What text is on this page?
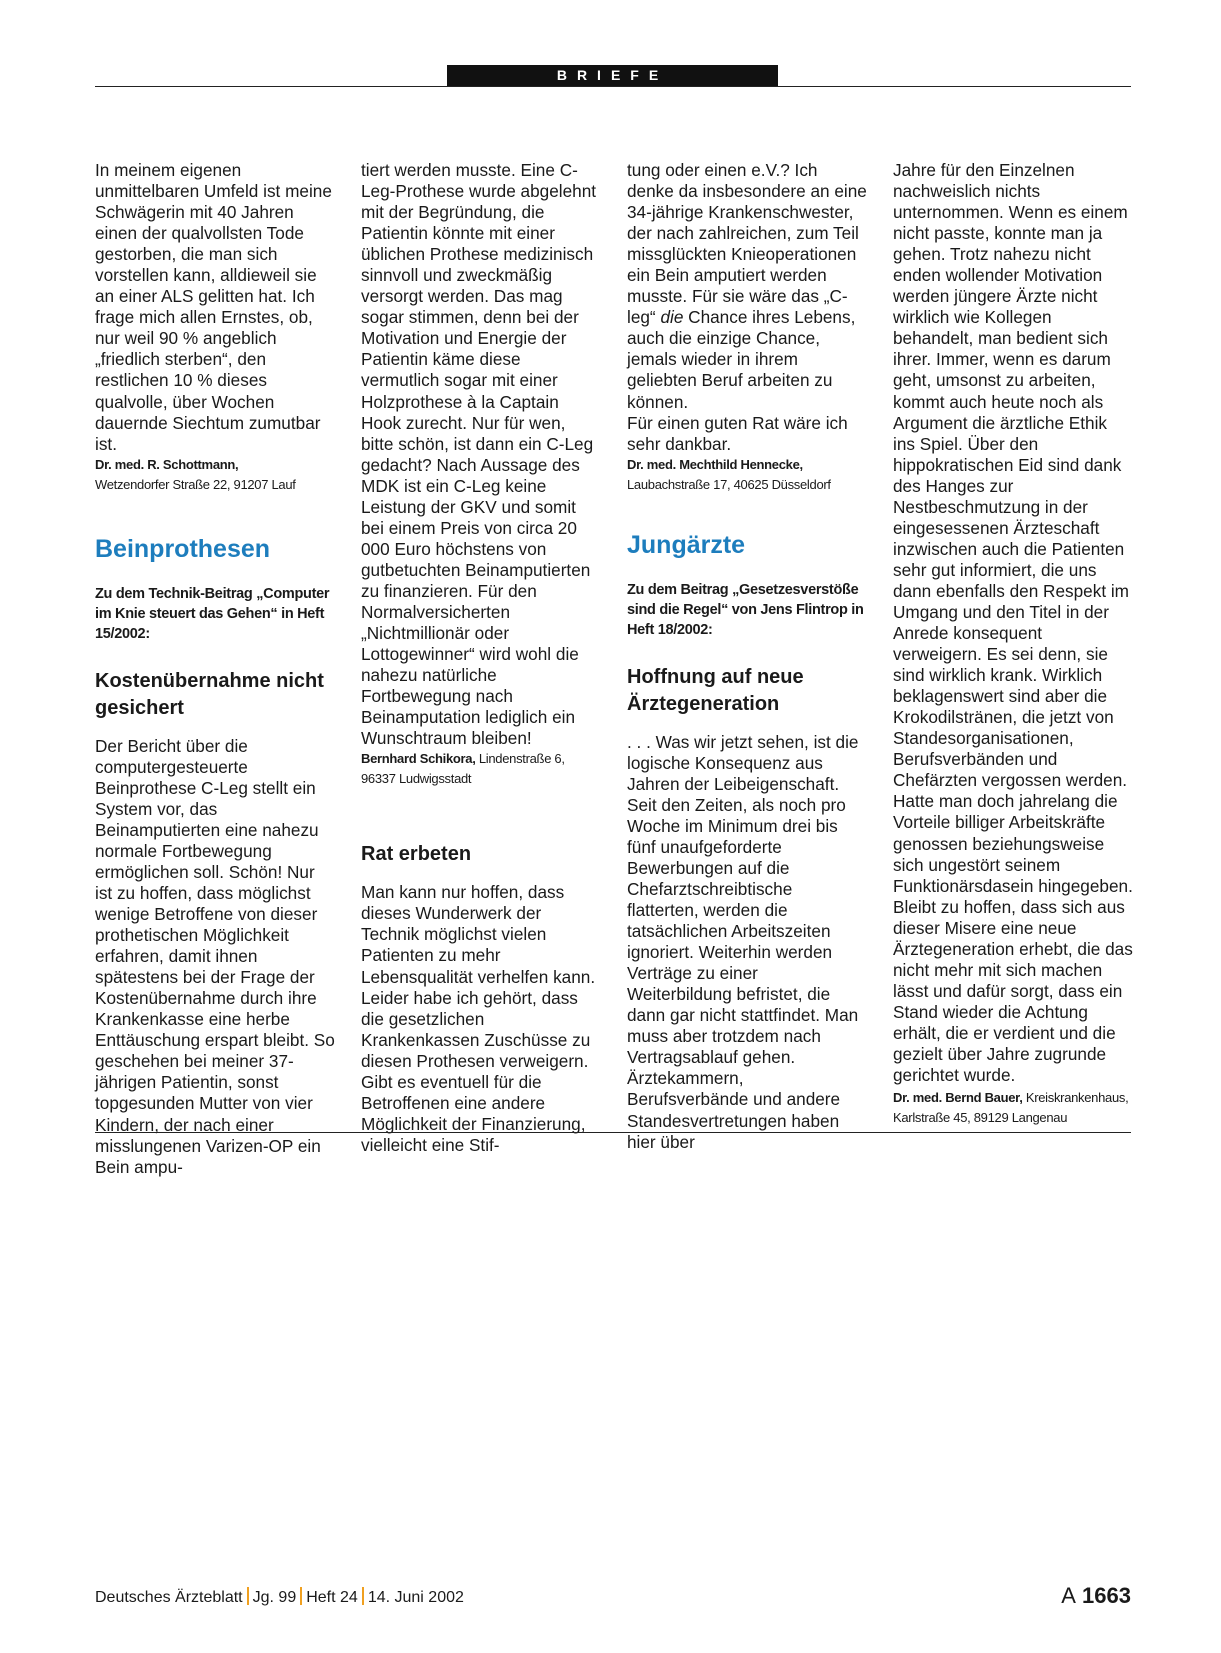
BRIEFE

In meinem eigenen unmittelbaren Umfeld ist meine Schwägerin mit 40 Jahren einen der qualvollsten Tode gestorben, die man sich vorstellen kann, alldieweil sie an einer ALS gelitten hat. Ich frage mich allen Ernstes, ob, nur weil 90 % angeblich „friedlich sterben“, den restlichen 10 % dieses qualvolle, über Wochen dauernde Siechtum zumutbar ist.

Dr. med. R. Schottmann,
Wetzendorfer Straße 22, 91207 Lauf

Beinprothesen

Zu dem Technik-Beitrag „Computer im Knie steuert das Gehen“ in Heft 15/2002:

Kostenübernahme nicht gesichert

Der Bericht über die computergesteuerte Beinprothese C-Leg stellt ein System vor, das Beinamputierten eine nahezu normale Fortbewegung ermöglichen soll. Schön! Nur ist zu hoffen, dass möglichst wenige Betroffene von dieser prothetischen Möglichkeit erfahren, damit ihnen spätestens bei der Frage der Kostenübernahme durch ihre Krankenkasse eine herbe Enttäuschung erspart bleibt. So geschehen bei meiner 37-jährigen Patientin, sonst topgesunden Mutter von vier Kindern, der nach einer misslungenen Varizen-OP ein Bein ampu-

tiert werden musste. Eine C-Leg-Prothese wurde abgelehnt mit der Begründung, die Patientin könnte mit einer üblichen Prothese medizinisch sinnvoll und zweckmäßig versorgt werden. Das mag sogar stimmen, denn bei der Motivation und Energie der Patientin käme diese vermutlich sogar mit einer Holzprothese à la Captain Hook zurecht. Nur für wen, bitte schön, ist dann ein C-Leg gedacht? Nach Aussage des MDK ist ein C-Leg keine Leistung der GKV und somit bei einem Preis von circa 20 000 Euro höchstens von gutbetuchten Beinamputierten zu finanzieren. Für den Normalversicherten „Nichtmillionär oder Lottogewinner“ wird wohl die nahezu natürliche Fortbewegung nach Beinamputation lediglich ein Wunschtraum bleiben!

Bernhard Schikora, Lindenstraße 6, 96337 Ludwigsstadt

Rat erbeten

Man kann nur hoffen, dass dieses Wunderwerk der Technik möglichst vielen Patienten zu mehr Lebensqualität verhelfen kann. Leider habe ich gehört, dass die gesetzlichen Krankenkassen Zuschüsse zu diesen Prothesen verweigern. Gibt es eventuell für die Betroffenen eine andere Möglichkeit der Finanzierung, vielleicht eine Stif-

tung oder einen e.V.? Ich denke da insbesondere an eine 34-jährige Krankenschwester, der nach zahlreichen, zum Teil missglückten Knieoperationen ein Bein amputiert werden musste. Für sie wäre das „C-leg“ die Chance ihres Lebens, auch die einzige Chance, jemals wieder in ihrem geliebten Beruf arbeiten zu können.

Für einen guten Rat wäre ich sehr dankbar.

Dr. med. Mechthild Hennecke,
Laubachstraße 17, 40625 Düsseldorf

Jungärzte

Zu dem Beitrag „Gesetzesverstöße sind die Regel“ von Jens Flintrop in Heft 18/2002:

Hoffnung auf neue Ärztegeneration

. . . Was wir jetzt sehen, ist die logische Konsequenz aus Jahren der Leibeigenschaft. Seit den Zeiten, als noch pro Woche im Minimum drei bis fünf unaufgeforderte Bewerbungen auf die Chefarztschreibtische flatterten, werden die tatsächlichen Arbeitszeiten ignoriert. Weiterhin werden Verträge zu einer Weiterbildung befristet, die dann gar nicht stattfindet. Man muss aber trotzdem nach Vertragsablauf gehen. Ärztekammern, Berufsverbände und andere Standesvertretungen haben hier über

Jahre für den Einzelnen nachweislich nichts unternommen. Wenn es einem nicht passte, konnte man ja gehen. Trotz nahezu nicht enden wollender Motivation werden jüngere Ärzte nicht wirklich wie Kollegen behandelt, man bedient sich ihrer. Immer, wenn es darum geht, umsonst zu arbeiten, kommt auch heute noch als Argument die ärztliche Ethik ins Spiel. Über den hippokratischen Eid sind dank des Hanges zur Nestbeschmutzung in der eingesessenen Ärzteschaft inzwischen auch die Patienten sehr gut informiert, die uns dann ebenfalls den Respekt im Umgang und den Titel in der Anrede konsequent verweigern. Es sei denn, sie sind wirklich krank. Wirklich beklagenswert sind aber die Krokodilstränen, die jetzt von Standesorganisationen, Berufsverbänden und Chefärzten vergossen werden. Hatte man doch jahrelang die Vorteile billiger Arbeitskräfte genossen beziehungsweise sich ungestört seinem Funktionärsdasein hingegeben. Bleibt zu hoffen, dass sich aus dieser Misere eine neue Ärztegeneration erhebt, die das nicht mehr mit sich machen lässt und dafür sorgt, dass ein Stand wieder die Achtung erhält, die er verdient und die gezielt über Jahre zugrunde gerichtet wurde.

Dr. med. Bernd Bauer, Kreiskrankenhaus, Karlstraße 45, 89129 Langenau

Deutsches Ärzteblatt Jg. 99 Heft 24 14. Juni 2002	A 1663
